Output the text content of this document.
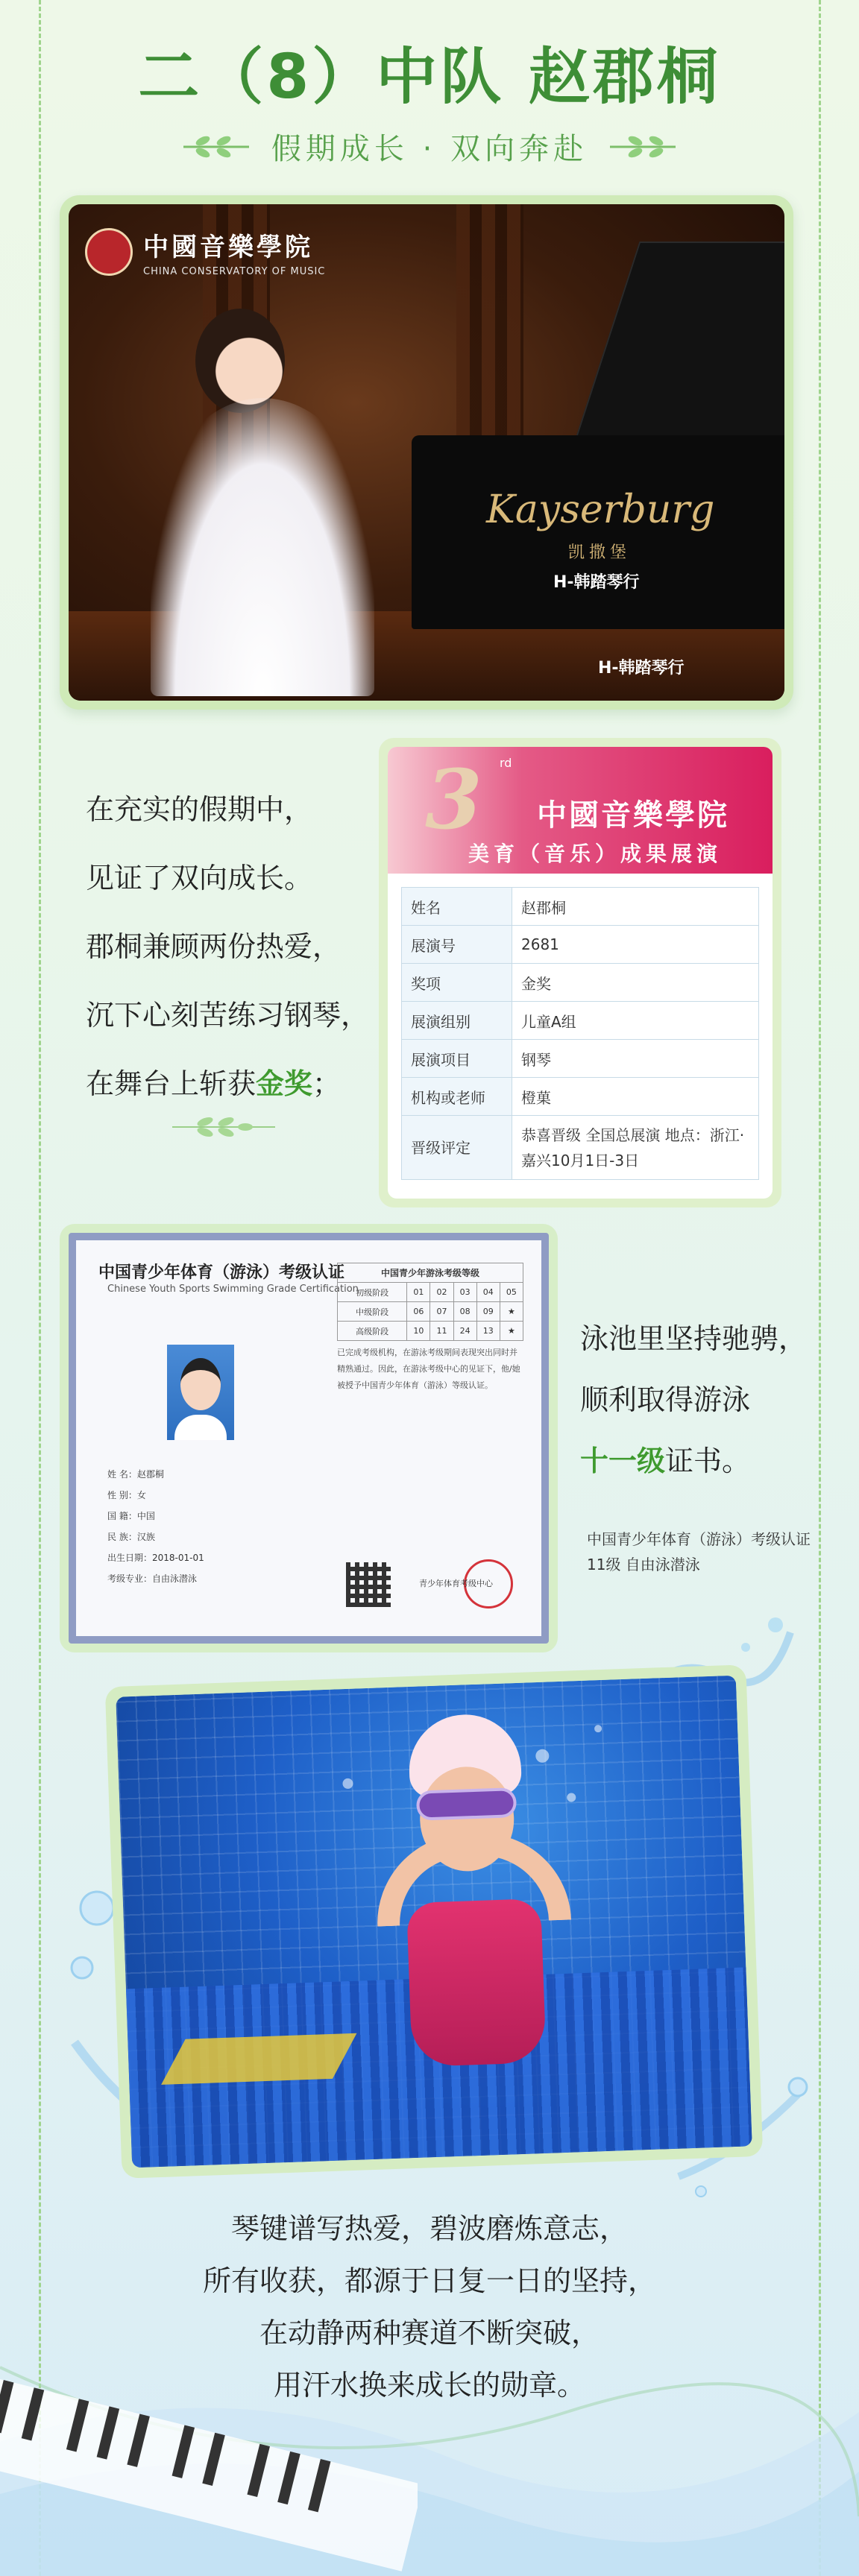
二（8）中队 赵郡桐
假期成长 · 双向奔赴
中國音樂學院
CHINA CONSERVATORY OF MUSIC
Kayserburg
凯撒堡
H-韩踏琴行
H-韩踏琴行
在充实的假期中，
见证了双向成长。
郡桐兼顾两份热爱，
沉下心刻苦练习钢琴，
在舞台上斩获金奖；
3 rd
中國音樂學院
美育（音乐）成果展演
姓名	赵郡桐
展演号	2681
奖项	金奖
展演组别	儿童A组
展演项目	钢琴
机构或老师	橙菓
晋级评定	恭喜晋级 全国总展演 地点：浙江·嘉兴10月1日-3日
中国青少年体育（游泳）考级认证
Chinese Youth Sports Swimming Grade Certification
中国青少年游泳考级等级					
初级阶段	01	02	03	04	05
中级阶段	06	07	08	09	★
高级阶段	10	11	24	13	★
姓 名：赵郡桐
性 别：女
国 籍：中国
民 族：汉族
出生日期：2018-01-01
考级专业：自由泳潜泳
已完成考级机构，在游泳考级期间表现突出同时并精熟通过。因此，在游泳考级中心的见证下，他/她被授予中国青少年体育（游泳）等级认证。
青少年体育考级中心
泳池里坚持驰骋，
顺利取得游泳
十一级证书。
中国青少年体育（游泳）考级认证 11级 自由泳潜泳
琴键谱写热爱，碧波磨炼意志，
所有收获，都源于日复一日的坚持，
在动静两种赛道不断突破，
用汗水换来成长的勋章。
